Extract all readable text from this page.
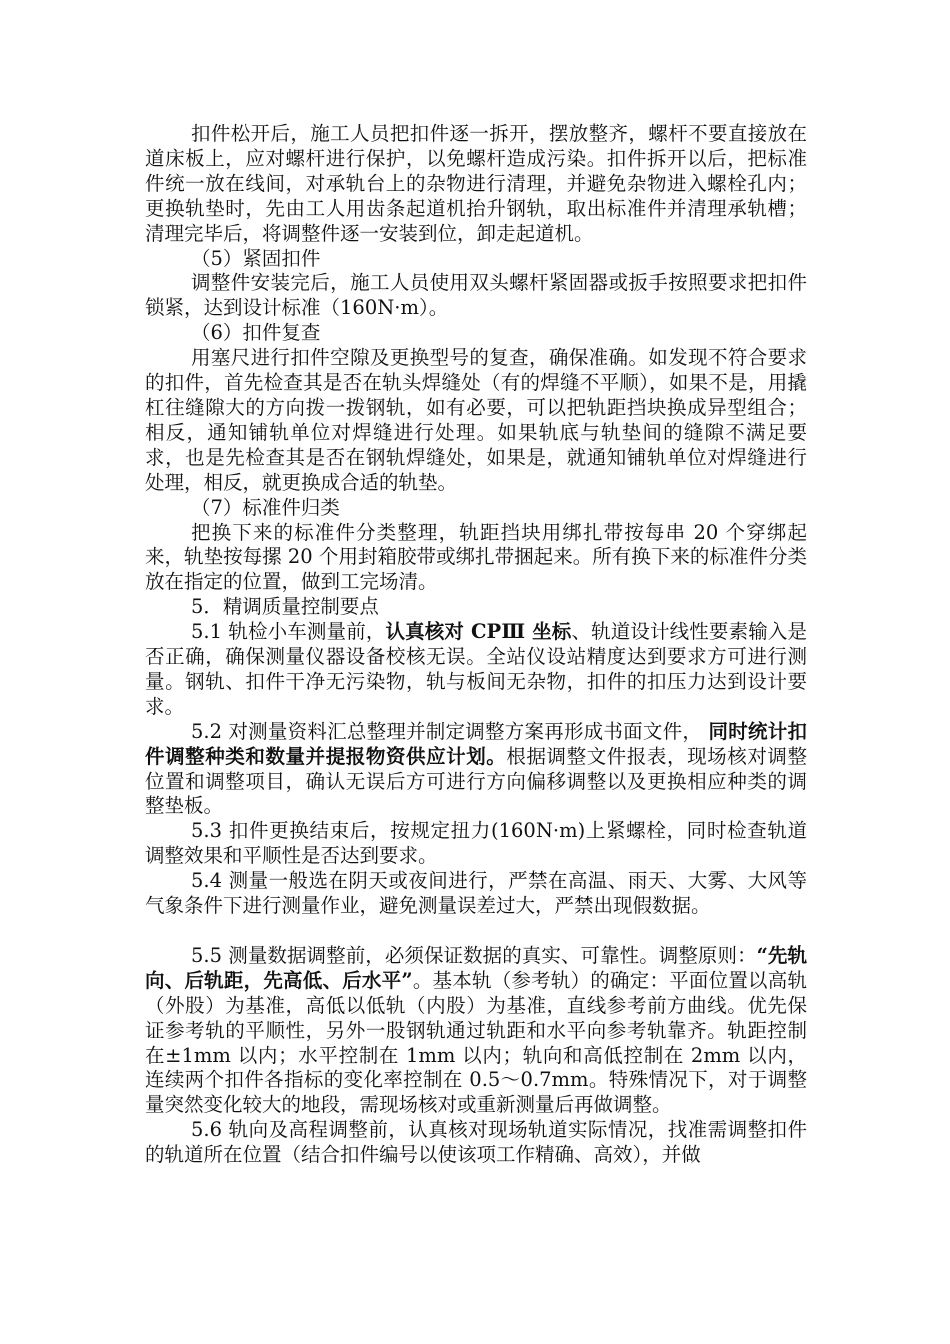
扣件松开后，施工人员把扣件逐一拆开，摆放整齐，螺杆不要直接放在道床板上，应对螺杆进行保护，以免螺杆造成污染。扣件拆开以后，把标准件统一放在线间，对承轨台上的杂物进行清理，并避免杂物进入螺栓孔内；更换轨垫时，先由工人用齿条起道机抬升钢轨，取出标准件并清理承轨槽；清理完毕后，将调整件逐一安装到位，卸走起道机。

（5）紧固扣件

调整件安装完后，施工人员使用双头螺杆紧固器或扳手按照要求把扣件锁紧，达到设计标准（160N·m）。

（6）扣件复查

用塞尺进行扣件空隙及更换型号的复查，确保准确。如发现不符合要求的扣件，首先检查其是否在轨头焊缝处（有的焊缝不平顺），如果不是，用撬杠往缝隙大的方向拨一拨钢轨，如有必要，可以把轨距挡块换成异型组合；相反，通知铺轨单位对焊缝进行处理。如果轨底与轨垫间的缝隙不满足要求，也是先检查其是否在钢轨焊缝处，如果是，就通知铺轨单位对焊缝进行处理，相反，就更换成合适的轨垫。

（7）标准件归类

把换下来的标准件分类整理，轨距挡块用绑扎带按每串 20 个穿绑起来，轨垫按每摞 20 个用封箱胶带或绑扎带捆起来。所有换下来的标准件分类放在指定的位置，做到工完场清。

5．精调质量控制要点

5.1 轨检小车测量前，认真核对 CPⅢ 坐标、轨道设计线性要素输入是否正确，确保测量仪器设备校核无误。全站仪设站精度达到要求方可进行测量。钢轨、扣件干净无污染物，轨与板间无杂物，扣件的扣压力达到设计要求。

5.2 对测量资料汇总整理并制定调整方案再形成书面文件， 同时统计扣件调整种类和数量并提报物资供应计划。根据调整文件报表，现场核对调整位置和调整项目，确认无误后方可进行方向偏移调整以及更换相应种类的调整垫板。

5.3 扣件更换结束后，按规定扭力(160N·m)上紧螺栓，同时检查轨道调整效果和平顺性是否达到要求。

5.4 测量一般选在阴天或夜间进行，严禁在高温、雨天、大雾、大风等气象条件下进行测量作业，避免测量误差过大，严禁出现假数据。

5.5 测量数据调整前，必须保证数据的真实、可靠性。调整原则：“先轨向、后轨距，先高低、后水平”。基本轨（参考轨）的确定：平面位置以高轨（外股）为基准，高低以低轨（内股）为基准，直线参考前方曲线。优先保证参考轨的平顺性，另外一股钢轨通过轨距和水平向参考轨靠齐。轨距控制在±1mm 以内；水平控制在 1mm 以内；轨向和高低控制在 2mm 以内， 连续两个扣件各指标的变化率控制在 0.5～0.7mm。特殊情况下，对于调整量突然变化较大的地段，需现场核对或重新测量后再做调整。

5.6 轨向及高程调整前，认真核对现场轨道实际情况，找准需调整扣件的轨道所在位置（结合扣件编号以使该项工作精确、高效），并做
